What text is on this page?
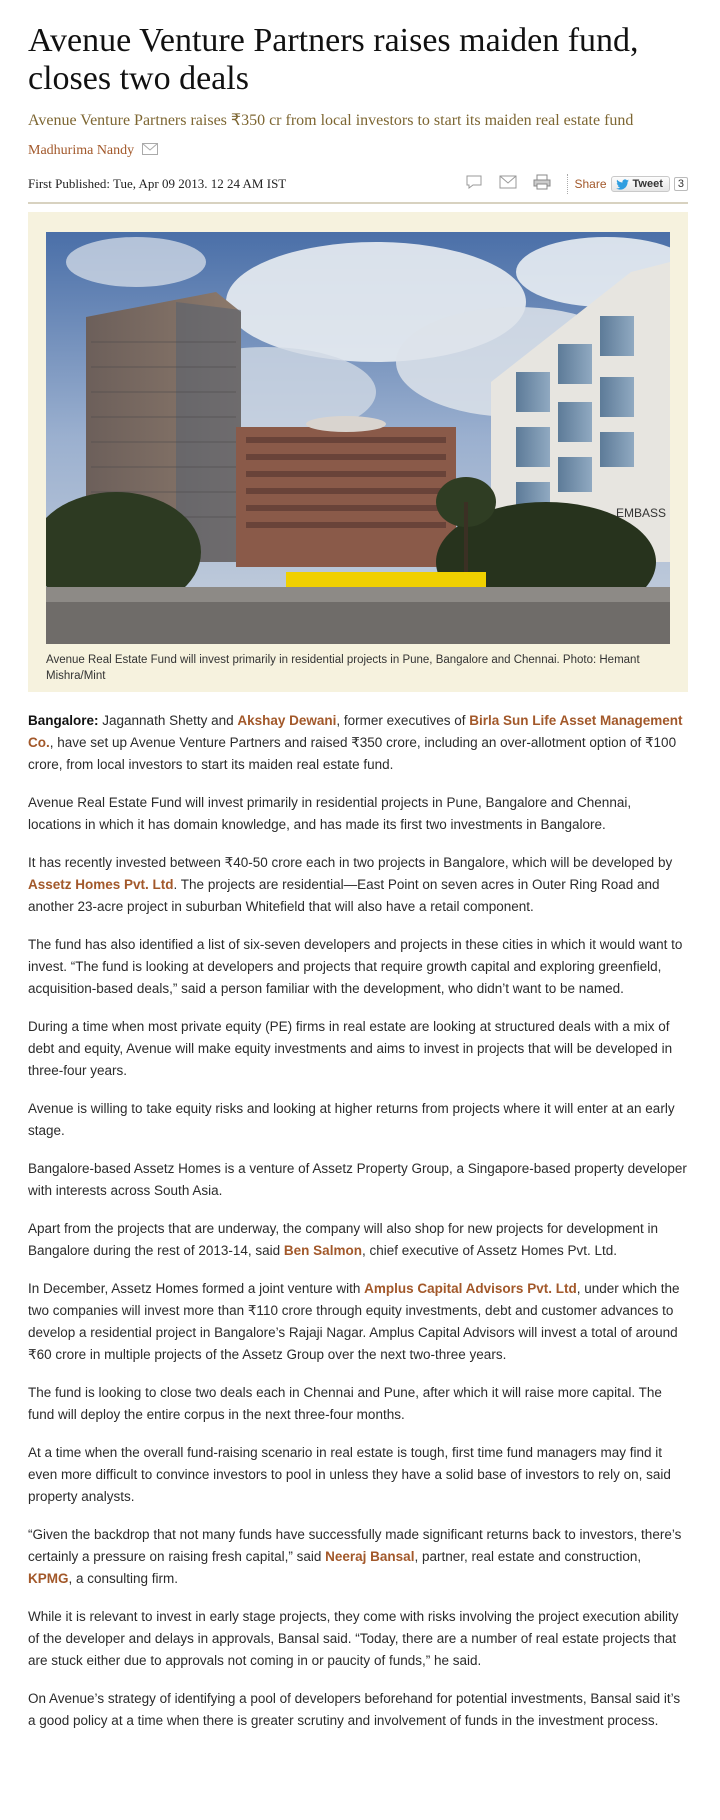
Avenue Venture Partners raises maiden fund, closes two deals

Avenue Venture Partners raises ₹350 cr from local investors to start its maiden real estate fund

Madhurima Nandy
First Published: Tue, Apr 09 2013. 12 24 AM IST	Share Tweet	3
EMBASS
Avenue Real Estate Fund will invest primarily in residential projects in Pune, Bangalore and Chennai. Photo: Hemant Mishra/Mint

Bangalore: Jagannath Shetty and Akshay Dewani, former executives of Birla Sun Life Asset Management Co., have set up Avenue Venture Partners and raised ₹350 crore, including an over-allotment option of ₹100 crore, from local investors to start its maiden real estate fund.

Avenue Real Estate Fund will invest primarily in residential projects in Pune, Bangalore and Chennai, locations in which it has domain knowledge, and has made its first two investments in Bangalore.

It has recently invested between ₹40-50 crore each in two projects in Bangalore, which will be developed by Assetz Homes Pvt. Ltd. The projects are residential—East Point on seven acres in Outer Ring Road and another 23-acre project in suburban Whitefield that will also have a retail component.

The fund has also identified a list of six-seven developers and projects in these cities in which it would want to invest. “The fund is looking at developers and projects that require growth capital and exploring greenfield, acquisition-based deals,” said a person familiar with the development, who didn’t want to be named.

During a time when most private equity (PE) firms in real estate are looking at structured deals with a mix of debt and equity, Avenue will make equity investments and aims to invest in projects that will be developed in three-four years.

Avenue is willing to take equity risks and looking at higher returns from projects where it will enter at an early stage.

Bangalore-based Assetz Homes is a venture of Assetz Property Group, a Singapore-based property developer with interests across South Asia.

Apart from the projects that are underway, the company will also shop for new projects for development in Bangalore during the rest of 2013-14, said Ben Salmon, chief executive of Assetz Homes Pvt. Ltd.

In December, Assetz Homes formed a joint venture with Amplus Capital Advisors Pvt. Ltd, under which the two companies will invest more than ₹110 crore through equity investments, debt and customer advances to develop a residential project in Bangalore’s Rajaji Nagar. Amplus Capital Advisors will invest a total of around ₹60 crore in multiple projects of the Assetz Group over the next two-three years.

The fund is looking to close two deals each in Chennai and Pune, after which it will raise more capital. The fund will deploy the entire corpus in the next three-four months.

At a time when the overall fund-raising scenario in real estate is tough, first time fund managers may find it even more difficult to convince investors to pool in unless they have a solid base of investors to rely on, said property analysts.

“Given the backdrop that not many funds have successfully made significant returns back to investors, there’s certainly a pressure on raising fresh capital,” said Neeraj Bansal, partner, real estate and construction, KPMG, a consulting firm.

While it is relevant to invest in early stage projects, they come with risks involving the project execution ability of the developer and delays in approvals, Bansal said. “Today, there are a number of real estate projects that are stuck either due to approvals not coming in or paucity of funds,” he said.

On Avenue’s strategy of identifying a pool of developers beforehand for potential investments, Bansal said it’s a good policy at a time when there is greater scrutiny and involvement of funds in the investment process.
